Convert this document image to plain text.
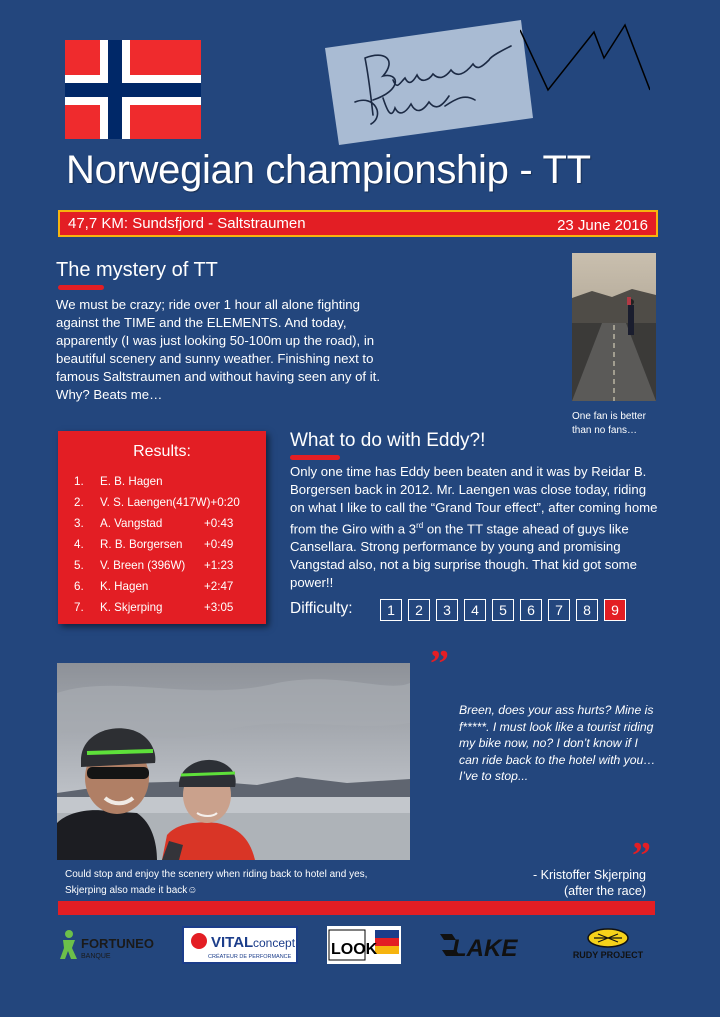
Norwegian championship - TT
47,7 KM: Sundsfjord - Saltstraumen	23 June 2016
The mystery of TT
We must be crazy; ride over 1 hour all alone fighting against the TIME and the ELEMENTS. And today, apparently (I was just looking 50-100m up the road), in beautiful scenery and sunny weather. Finishing next to famous Saltstraumen and without having seen any of it. Why? Beats me…
One fan is better than no fans…
Results:
1. E. B. Hagen
2. V. S. Laengen(417W)+0:20
3. A. Vangstad	+0:43
4. R. B. Borgersen +0:49
5. V. Breen (396W) +1:23
6. K. Hagen	+2:47
7. K. Skjerping	+3:05
What to do with Eddy?!
Only one time has Eddy been beaten and it was by Reidar B. Borgersen back in 2012. Mr. Laengen was close today, riding on what I like to call the “Grand Tour effect”, after coming home from the Giro with a 3rd on the TT stage ahead of guys like Cansellara. Strong performance by young and promising Vangstad also, not a big surprise though. That kid got some power!!
Difficulty:	1	2	3	4	5	6	7	8	9
”
Breen, does your ass hurts? Mine is f*****. I must look like a tourist riding my bike now, no? I don’t know if I can ride back to the hotel with you…I’ve to stop...
”
- Kristoffer Skjerping
(after the race)
Could stop and enjoy the scenery when riding back to hotel and yes, Skjerping also made it back☺
FORTUNEO
BANQUE
VITAL concept
CRÉATEUR DE PERFORMANCE LOOK	LAKE	RUDY PROJECT
